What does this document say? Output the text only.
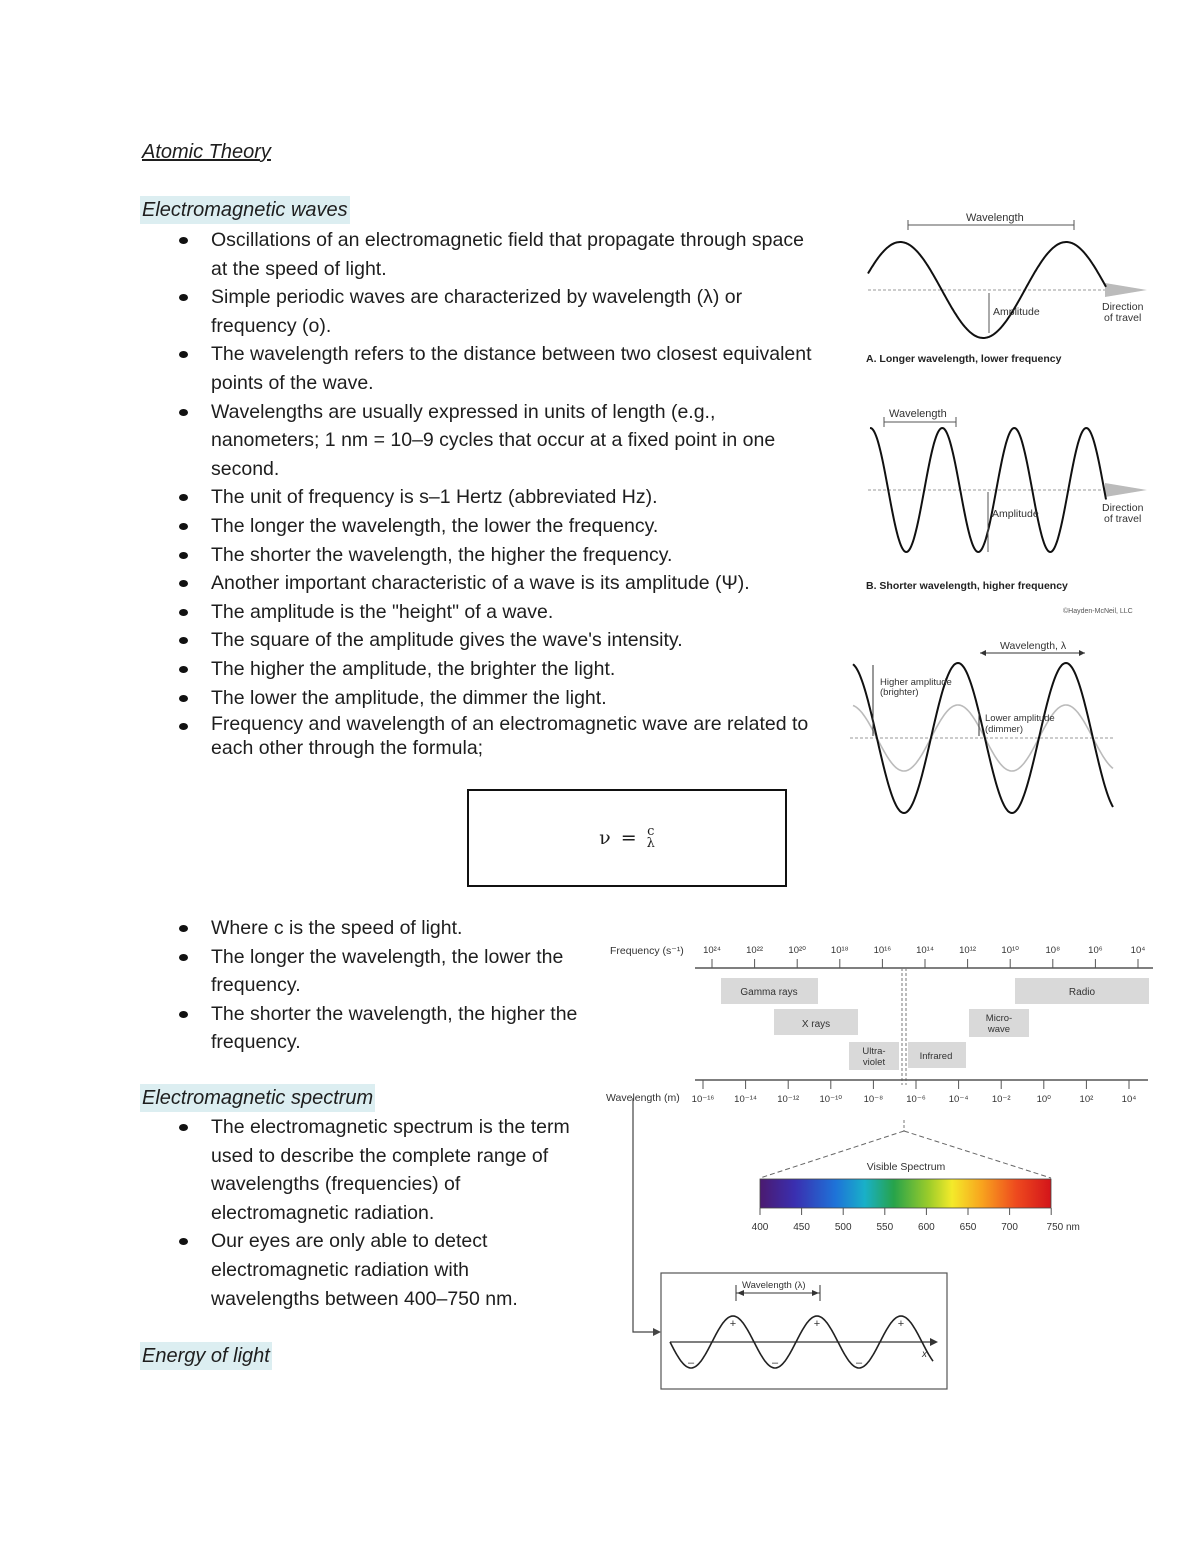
Atomic Theory
Electromagnetic waves
Oscillations of an electromagnetic field that propagate through space at the speed of light.
Simple periodic waves are characterized by wavelength (λ) or frequency (ο).
The wavelength refers to the distance between two closest equivalent points of the wave.
Wavelengths are usually expressed in units of length (e.g., nanometers; 1 nm = 10–9 cycles that occur at a fixed point in one second.
The unit of frequency is s–1 Hertz (abbreviated Hz).
The longer the wavelength, the lower the frequency.
The shorter the wavelength, the higher the frequency.
Another important characteristic of a wave is its amplitude (Ψ).
The amplitude is the "height" of a wave.
The square of the amplitude gives the wave's intensity.
The higher the amplitude, the brighter the light.
The lower the amplitude, the dimmer the light.
Frequency and wavelength of an electromagnetic wave are related to each other through the formula;
ν = c
λ
Where c is the speed of light.
The longer the wavelength, the lower the frequency.
The shorter the wavelength, the higher the frequency.
Electromagnetic spectrum
The electromagnetic spectrum is the term used to describe the complete range of wavelengths (frequencies) of electromagnetic radiation.
Our eyes are only able to detect electromagnetic radiation with wavelengths between 400–750 nm.
Energy of light
Wavelength
Amplitude	Direction
of travel
A. Longer wavelength, lower frequency
Wavelength
Amplitude	Direction
of travel
B. Shorter wavelength, higher frequency
©Hayden-McNeil, LLC
Wavelength, λ
Higher amplitude
(brighter)
Lower amplitude
(dimmer)
Frequency (s⁻¹) 10²⁴	10²²	10²⁰	10¹⁸	10¹⁶	10¹⁴	10¹²	10¹⁰	10⁸	10⁶	10⁴
Gamma rays
X rays
Ultra-
violet
Infrared
Micro-
wave
Radio
Wavelength (m) 10⁻¹⁶ 10⁻¹⁴ 10⁻¹² 10⁻¹⁰ 10⁻⁸ 10⁻⁶ 10⁻⁴ 10⁻²	10⁰	10²	10⁴
Visible Spectrum
400 450 500 550 600 650 700	750 nm
Wavelength (λ)
x
+	+	+
–	–	–
